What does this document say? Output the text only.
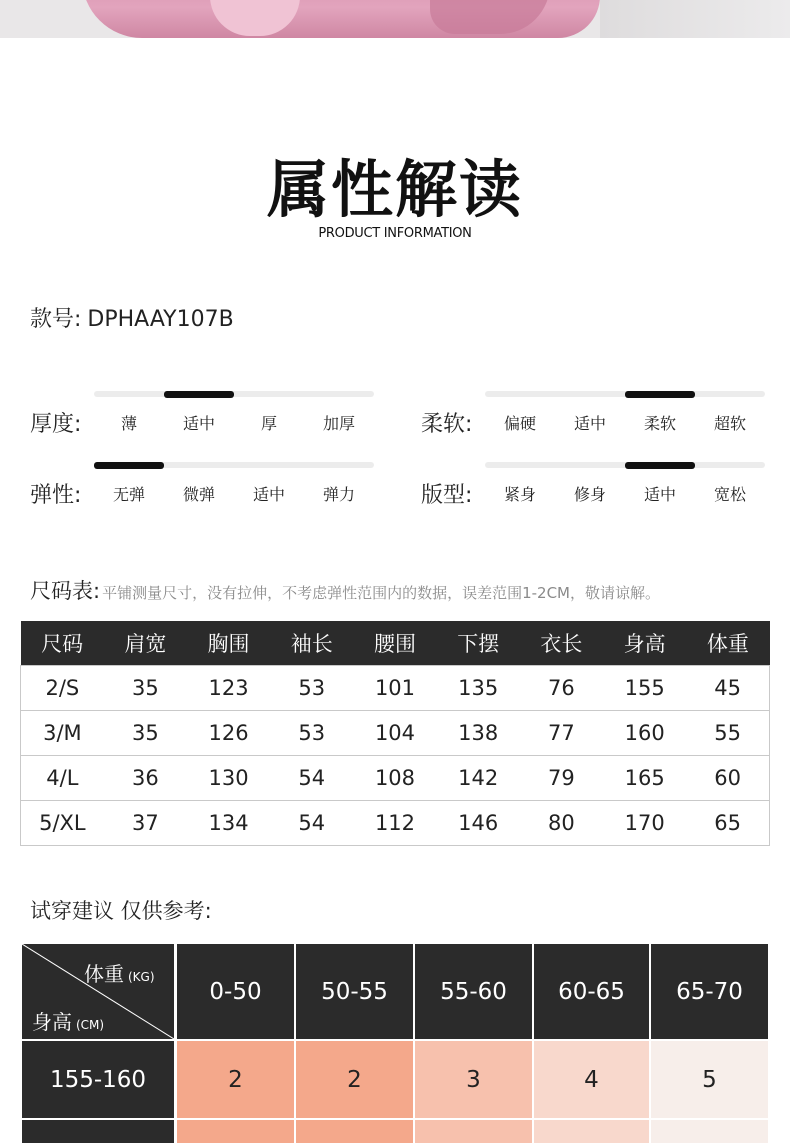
属性解读
PRODUCT INFORMATION
款号: DPHAAY107B
厚度:	薄	适中	厚	加厚	柔软:	偏硬	适中	柔软	超软
弹性:	无弹	微弹	适中	弹力	版型:	紧身	修身	适中	宽松
尺码表: 平铺测量尺寸，没有拉伸，不考虑弹性范围内的数据，误差范围1-2CM，敬请谅解。
尺码	肩宽	胸围	袖长	腰围	下摆	衣长	身高	体重
2/S	35	123	53	101	135	76	155	45
3/M	35	126	53	104	138	77	160	55
4/L	36	130	54	108	142	79	165	60
5/XL	37	134	54	112	146	80	170	65
试穿建议 仅供参考:
体重 (KG)
身高 (CM)
0-50	50-55	55-60	60-65	65-70
155-160	2	2	3	4	5
